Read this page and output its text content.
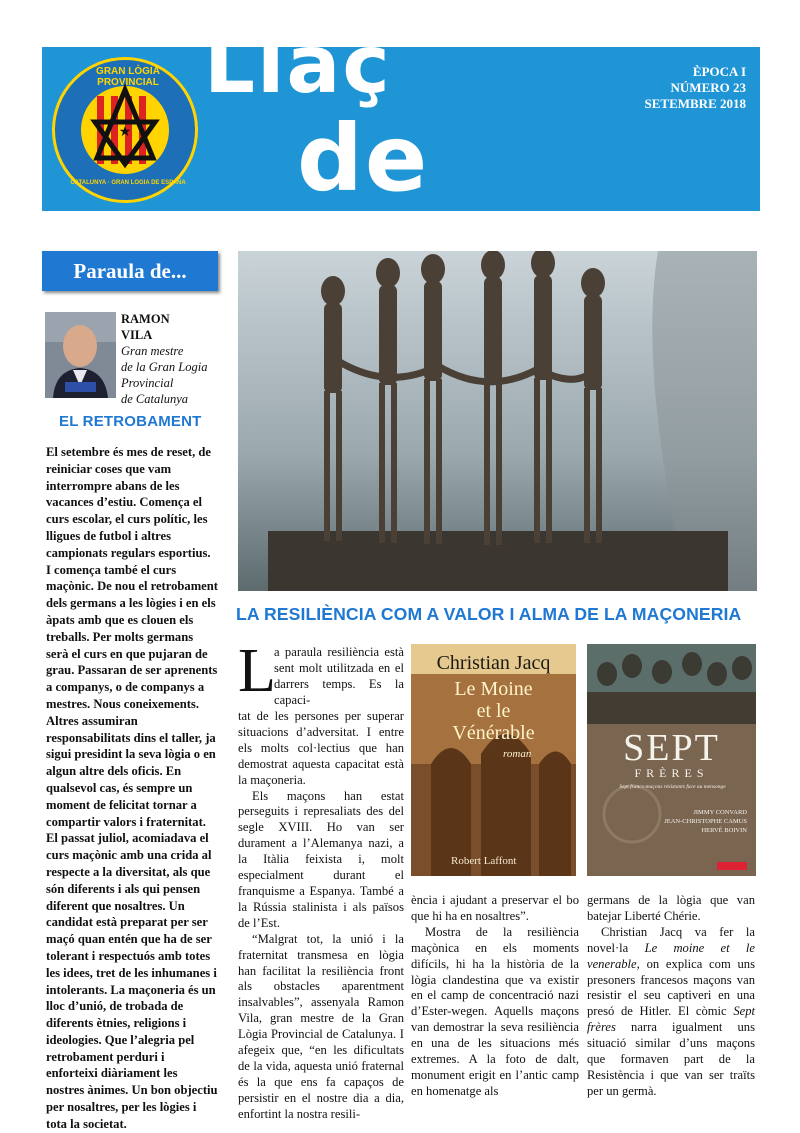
★
GRAN LÒGIA PROVINCIAL
CATALUNYA · GRAN LOGIA DE ESPAÑA
Llaç
de
ÈPOCA I
NÚMERO 23
SETEMBRE 2018
Paraula de...
RAMON
VILA
Gran mestre
de la Gran Logia
Provincial
de Catalunya
EL RETROBAMENT
El setembre és mes de reset, de reiniciar coses que vam interrompre abans de les vacances d’estiu. Comença el curs escolar, el curs polític, les lligues de futbol i altres campionats regulars esportius. I comença també el curs maçònic. De nou el retrobament dels germans a les lògies i en els àpats amb que es clouen els treballs. Per molts germans serà el curs en que pujaran de grau. Passaran de ser aprenents a companys, o de companys a mestres. Nous coneixements. Altres assumiran responsabilitats dins el taller, ja sigui presidint la seva lògia o en algun altre dels oficis. En qualsevol cas, és sempre un moment de felicitat tornar a compartir valors i fraternitat. El passat juliol, acomiadava el curs maçònic amb una crida al respecte a la diversitat, als que són diferents i als qui pensen diferent que nosaltres. Un candidat està preparat per ser maçó quan entén que ha de ser tolerant i respectuós amb totes les idees, tret de les inhumanes i intolerants. La maçoneria és un lloc d’unió, de trobada de diferents ètnies, religions i ideologies. Que l’alegria pel retrobament perduri i enforteixi diàriament les nostres ànimes. Un bon objectiu per nosaltres, per les lògies i tota la societat.
LA RESILIÈNCIA COM A VALOR I ALMA DE LA MAÇONERIA
L

a paraula resiliència està sent molt utilitzada en el darrers temps. Es la capaci-

tat de les persones per superar situacions d’adversitat. I entre els molts col·lectius que han demostrat aquesta capacitat està la maçoneria.

Els maçons han estat perseguits i represaliats des del segle XVIII. Ho van ser durament a l’Alemanya nazi, a la Itàlia feixista i, molt especialment durant el franquisme a Espanya. També a la Rússia stalinista i als països de l’Est.

“Malgrat tot, la unió i la fraternitat transmesa en lògia han facilitat la resiliència front als obstacles aparentment insalvables”, assenyala Ramon Vila, gran mestre de la Gran Lògia Provincial de Catalunya. I afegeix que, “en les dificultats de la vida, aquesta unió fraternal és la que ens fa capaços de persistir en el nostre dia a dia, enfortint la nostra resili-

Christian Jacq
Le Moine
et le
Vénérable
roman
Robert Laffont
SEPT
FRÈRES
Sept francs-maçons résistants face au mensonge
JIMMY CONVARD
JEAN-CHRISTOPHE CAMUS
HERVÉ BOIVIN

ència i ajudant a preservar el bo que hi ha en nosaltres”.

Mostra de la resiliència maçònica en els moments difícils, hi ha la història de la lògia clandestina que va existir en el camp de concentració nazi d’Ester-wegen. Aquells maçons van demostrar la seva resiliència en una de les situacions més extremes. A la foto de dalt, monument erigit en l’antic camp en homenatge als

germans de la lògia que van batejar Liberté Chérie.

Christian Jacq va fer la novel·la Le moine et le venerable, on explica com uns presoners francesos maçons van resistir el seu captiveri en una presó de Hitler. El còmic Sept frères narra igualment uns situació similar d’uns maçons que formaven part de la Resistència i que van ser traïts per un germà.
